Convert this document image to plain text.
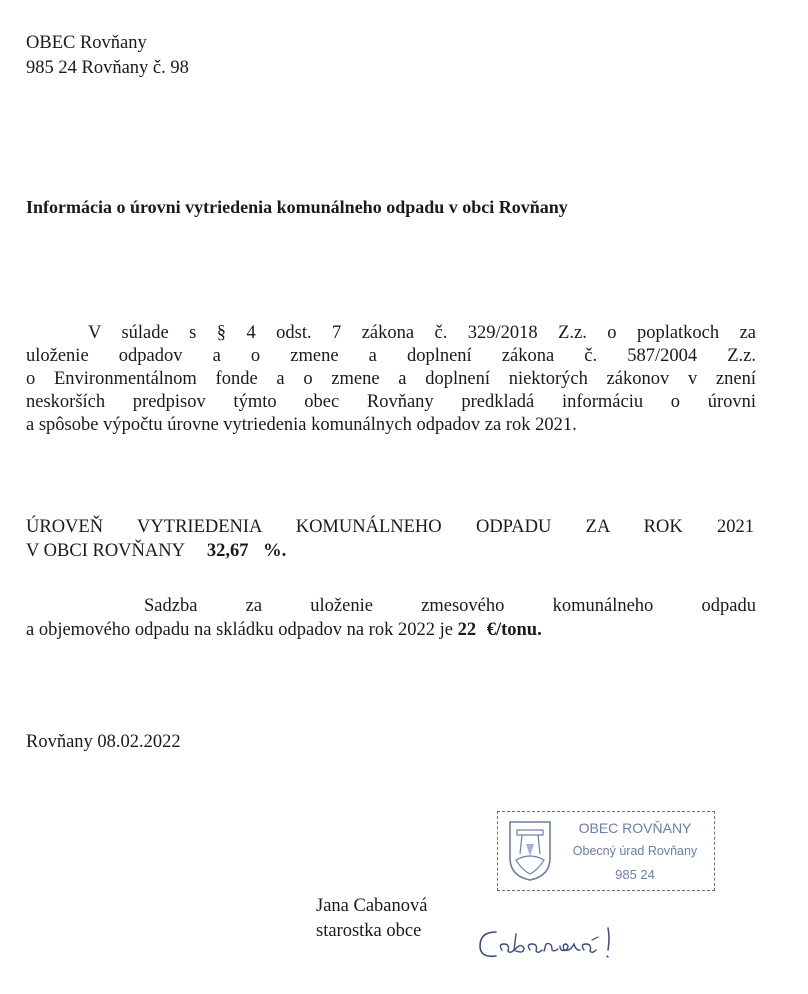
OBEC Rovňany
985 24 Rovňany č. 98
Informácia o úrovni vytriedenia komunálneho odpadu v obci Rovňany
V súlade s § 4 odst. 7 zákona č. 329/2018 Z.z. o poplatkoch za
uloženie odpadov a o zmene a doplnení zákona č. 587/2004 Z.z.
o Environmentálnom fonde a o zmene a doplnení niektorých zákonov v znení
neskorších predpisov týmto obec Rovňany predkladá informáciu o úrovni
a spôsobe výpočtu úrovne vytriedenia komunálnych odpadov za rok 2021.
ÚROVEŇ VYTRIEDENIA KOMUNÁLNEHO ODPADU ZA ROK 2021
V OBCI ROVŇANY 32,67 %.
Sadzba za uloženie zmesového komunálneho odpadu
a objemového odpadu na skládku odpadov na rok 2022 je 22 €/tonu.
Rovňany 08.02.2022
OBEC ROVŇANY
Obecný úrad Rovňany
985 24
Jana Cabanová
starostka obce
